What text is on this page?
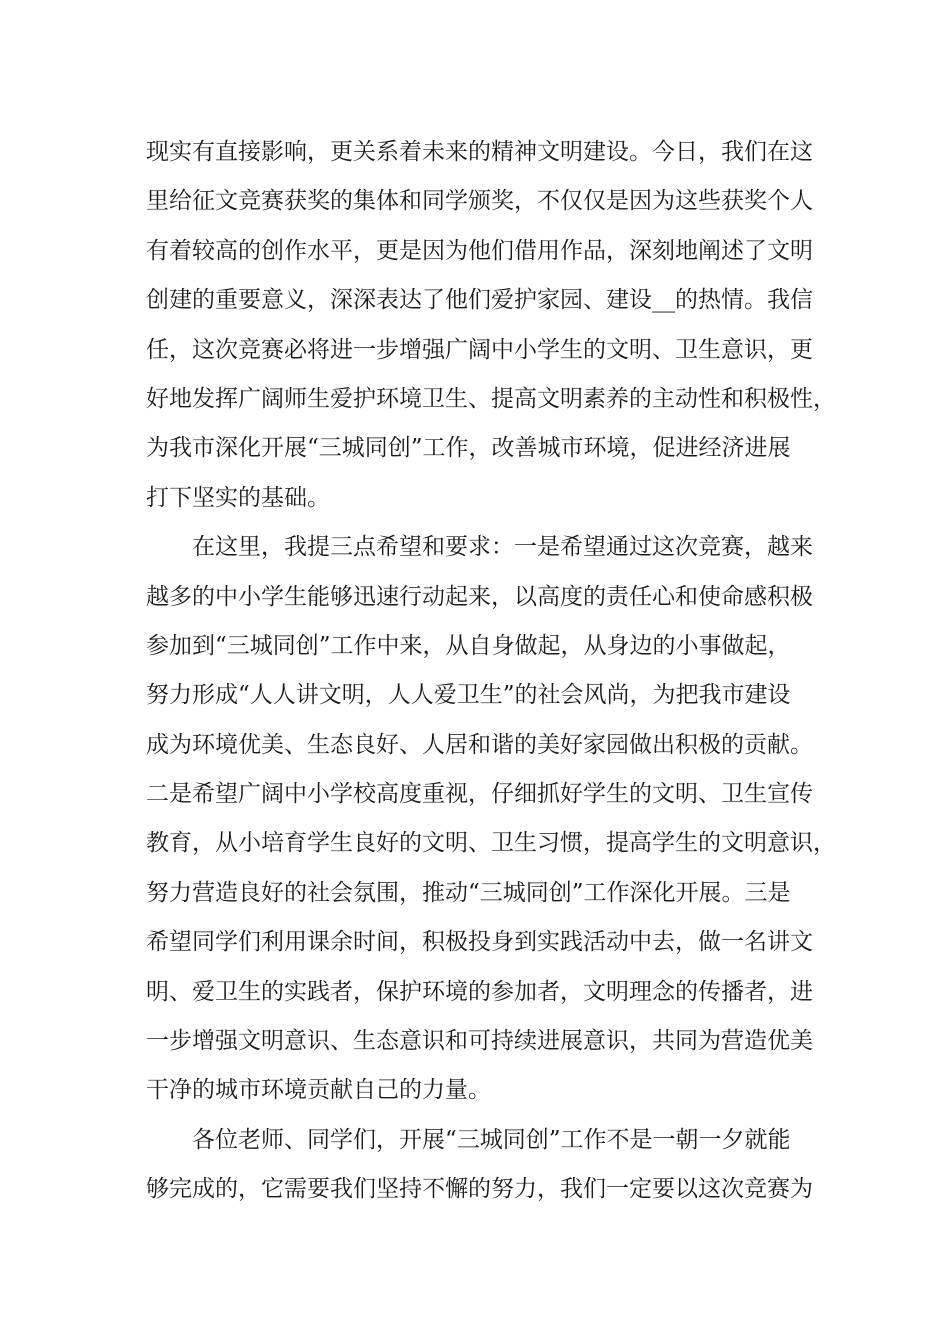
现实有直接影响，更关系着未来的精神文明建设。今日，我们在这
里给征文竞赛获奖的集体和同学颁奖，不仅仅是因为这些获奖个人
有着较高的创作水平，更是因为他们借用作品，深刻地阐述了文明
创建的重要意义，深深表达了他们爱护家园、建设__的热情。我信
任，这次竞赛必将进一步增强广阔中小学生的文明、卫生意识，更
好地发挥广阔师生爱护环境卫生、提高文明素养的主动性和积极性，
为我市深化开展“三城同创”工作，改善城市环境，促进经济进展
打下坚实的基础。
在这里，我提三点希望和要求：一是希望通过这次竞赛，越来
越多的中小学生能够迅速行动起来，以高度的责任心和使命感积极
参加到“三城同创”工作中来，从自身做起，从身边的小事做起，
努力形成“人人讲文明，人人爱卫生”的社会风尚，为把我市建设
成为环境优美、生态良好、人居和谐的美好家园做出积极的贡献。
二是希望广阔中小学校高度重视，仔细抓好学生的文明、卫生宣传
教育，从小培育学生良好的文明、卫生习惯，提高学生的文明意识，
努力营造良好的社会氛围，推动“三城同创”工作深化开展。三是
希望同学们利用课余时间，积极投身到实践活动中去，做一名讲文
明、爱卫生的实践者，保护环境的参加者，文明理念的传播者，进
一步增强文明意识、生态意识和可持续进展意识，共同为营造优美
干净的城市环境贡献自己的力量。
各位老师、同学们，开展“三城同创”工作不是一朝一夕就能
够完成的，它需要我们坚持不懈的努力，我们一定要以这次竞赛为
